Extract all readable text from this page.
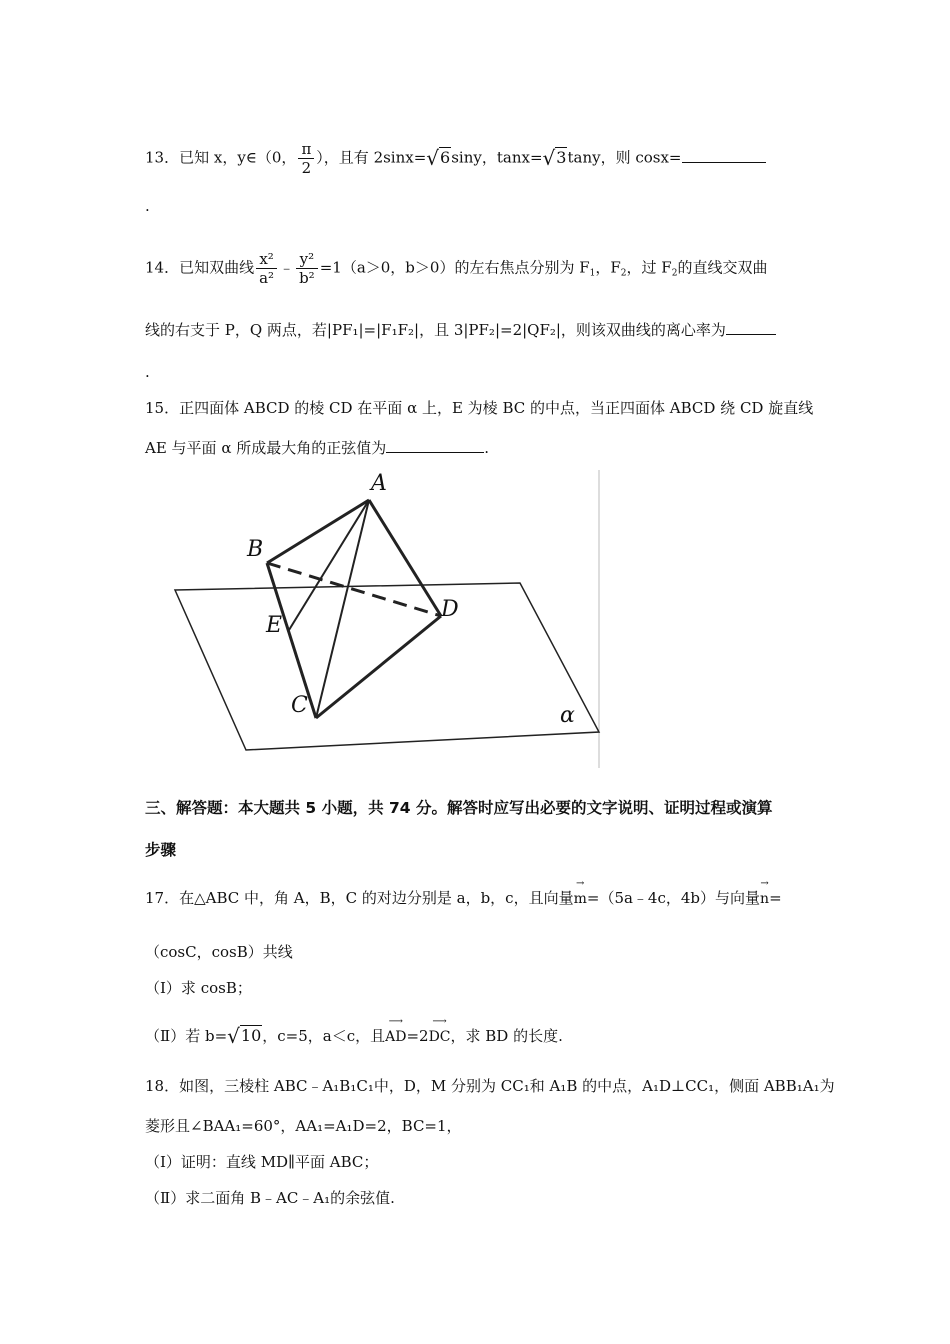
13．已知 x，y∈（0， $\frac{\pi}{2}$ ），且有 2sinx=√6siny，tanx=√3tany，则 cosx=
.
14．已知双曲线 $\frac{\text{x²}}{\text{a²}}$ ﹣ $\frac{\text{y²}}{\text{b²}} =1(a>0$，b＞0）的左右焦点分别为 $F_1$，$F_2$，过 $F_2$的直线交双曲
线的右支于 P，Q 两点，若|PF₁|=|F₁F₂|，且 3|PF₂|=2|QF₂|，则该双曲线的离心率为
.
15．正四面体 ABCD 的棱 CD 在平面 α 上，E 为棱 BC 的中点，当正四面体 ABCD 绕 CD 旋直线
AE 与平面 α 所成最大角的正弦值为	.
A
B
E
C
D
α
三、解答题：本大题共 5 小题，共 74 分。解答时应写出必要的文字说明、证明过程或演算
步骤
17．在△ABC 中，角 A，B，C 的对边分别是 a，b，c，且向量
→
m=（5a﹣4c，4b）与向量
→
n=
（cosC，cosB）共线
（Ⅰ）求 cosB；
（Ⅱ）若 b=√10，c=5，a＜c，且
⟶
AD=2
⟶
DC，求 BD 的长度.
18．如图，三棱柱 ABC﹣A₁B₁C₁中，D，M 分别为 CC₁和 A₁B 的中点，A₁D⊥CC₁，侧面 ABB₁A₁为
菱形且∠BAA₁=60°，AA₁=A₁D=2，BC=1，
（Ⅰ）证明：直线 MD∥平面 ABC；
（Ⅱ）求二面角 B﹣AC﹣A₁的余弦值.
